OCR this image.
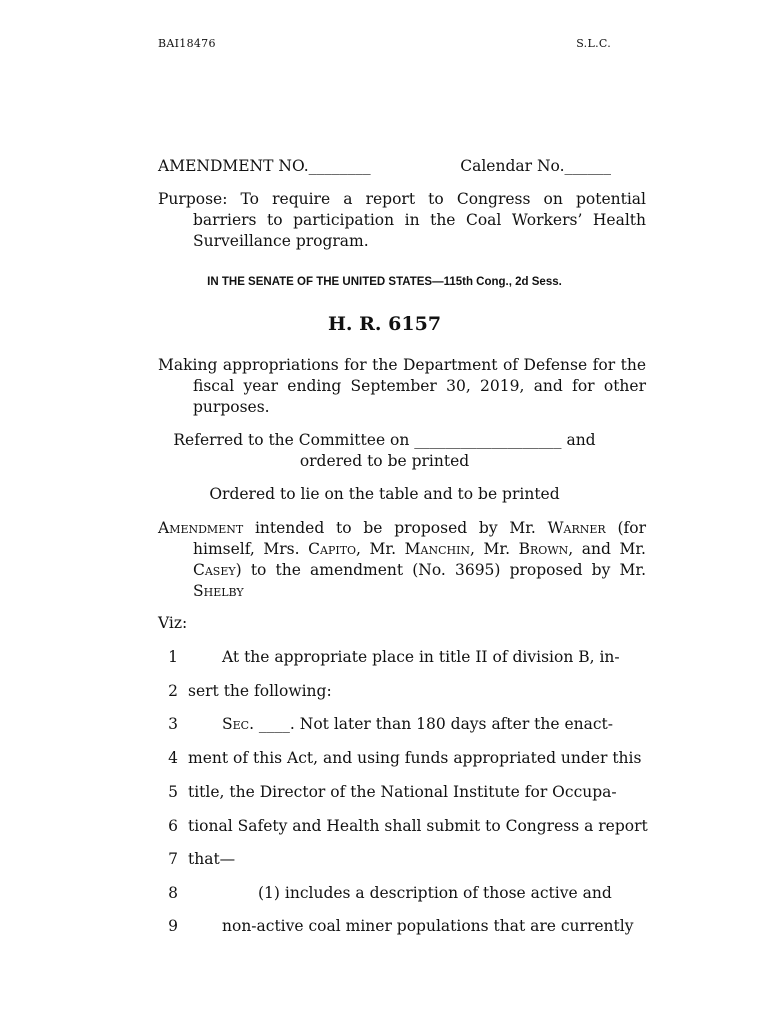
BAI18476	S.L.C.
AMENDMENT NO.________	Calendar No.______
Purpose: To require a report to Congress on potential barriers to participation in the Coal Workers’ Health Surveillance program.
IN THE SENATE OF THE UNITED STATES—115th Cong., 2d Sess.
H. R. 6157
Making appropriations for the Department of Defense for the fiscal year ending September 30, 2019, and for other purposes.
Referred to the Committee on ___________________ and
ordered to be printed
Ordered to lie on the table and to be printed
Amendment intended to be proposed by Mr. Warner (for himself, Mrs. Capito, Mr. Manchin, Mr. Brown, and Mr. Casey) to the amendment (No. 3695) proposed by Mr. Shelby
Viz:
1	At the appropriate place in title II of division B, in-
2 sert the following:
3	Sec. ____. Not later than 180 days after the enact-
4 ment of this Act, and using funds appropriated under this
5 title, the Director of the National Institute for Occupa-
6 tional Safety and Health shall submit to Congress a report
7 that—
8	(1) includes a description of those active and
9	non-active coal miner populations that are currently
